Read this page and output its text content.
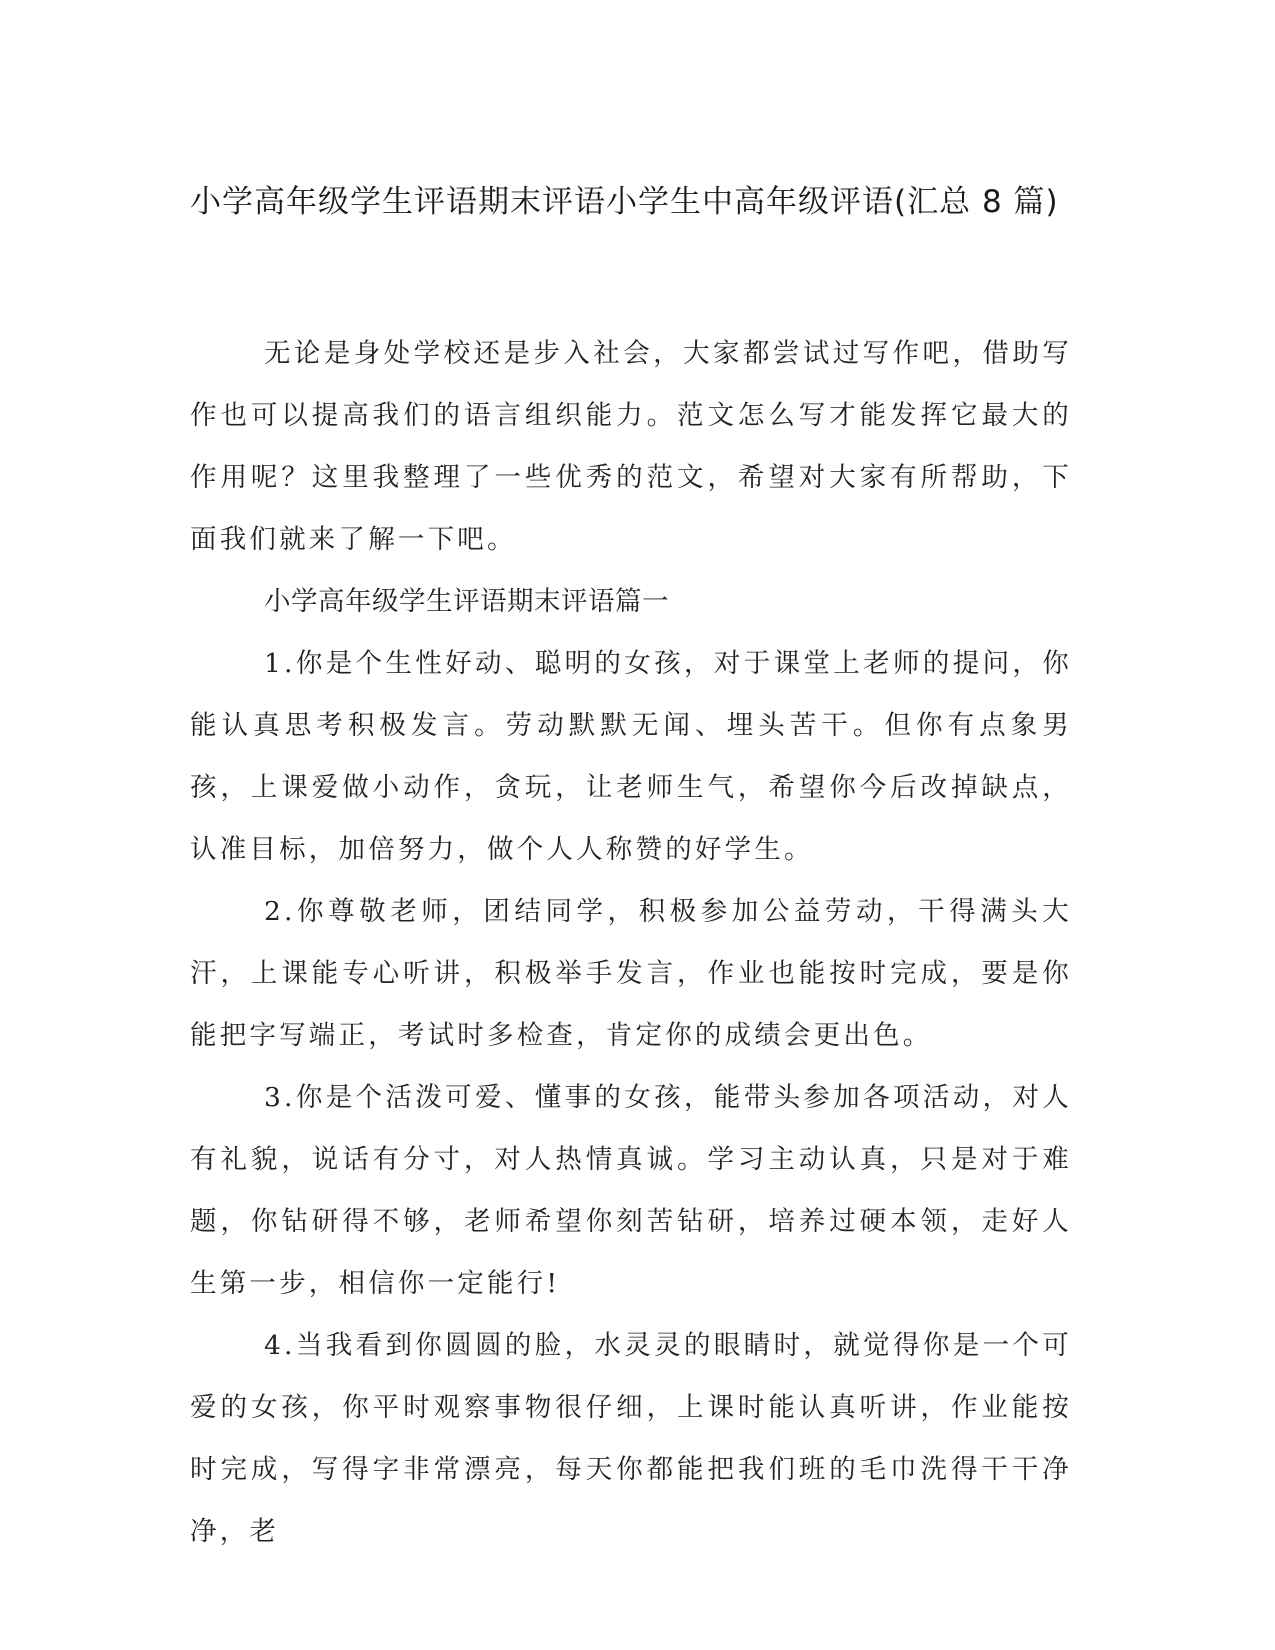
小学高年级学生评语期末评语小学生中高年级评语(汇总 8 篇)

无论是身处学校还是步入社会，大家都尝试过写作吧，借助写作也可以提高我们的语言组织能力。范文怎么写才能发挥它最大的作用呢？这里我整理了一些优秀的范文，希望对大家有所帮助，下面我们就来了解一下吧。

小学高年级学生评语期末评语篇一

1.你是个生性好动、聪明的女孩，对于课堂上老师的提问，你能认真思考积极发言。劳动默默无闻、埋头苦干。但你有点象男孩，上课爱做小动作，贪玩，让老师生气，希望你今后改掉缺点，认准目标，加倍努力，做个人人称赞的好学生。

2.你尊敬老师，团结同学，积极参加公益劳动，干得满头大汗，上课能专心听讲，积极举手发言，作业也能按时完成，要是你能把字写端正，考试时多检查，肯定你的成绩会更出色。

3.你是个活泼可爱、懂事的女孩，能带头参加各项活动，对人有礼貌，说话有分寸，对人热情真诚。学习主动认真，只是对于难题，你钻研得不够，老师希望你刻苦钻研，培养过硬本领，走好人生第一步，相信你一定能行!

4.当我看到你圆圆的脸，水灵灵的眼睛时，就觉得你是一个可爱的女孩，你平时观察事物很仔细，上课时能认真听讲，作业能按时完成，写得字非常漂亮，每天你都能把我们班的毛巾洗得干干净净，老
